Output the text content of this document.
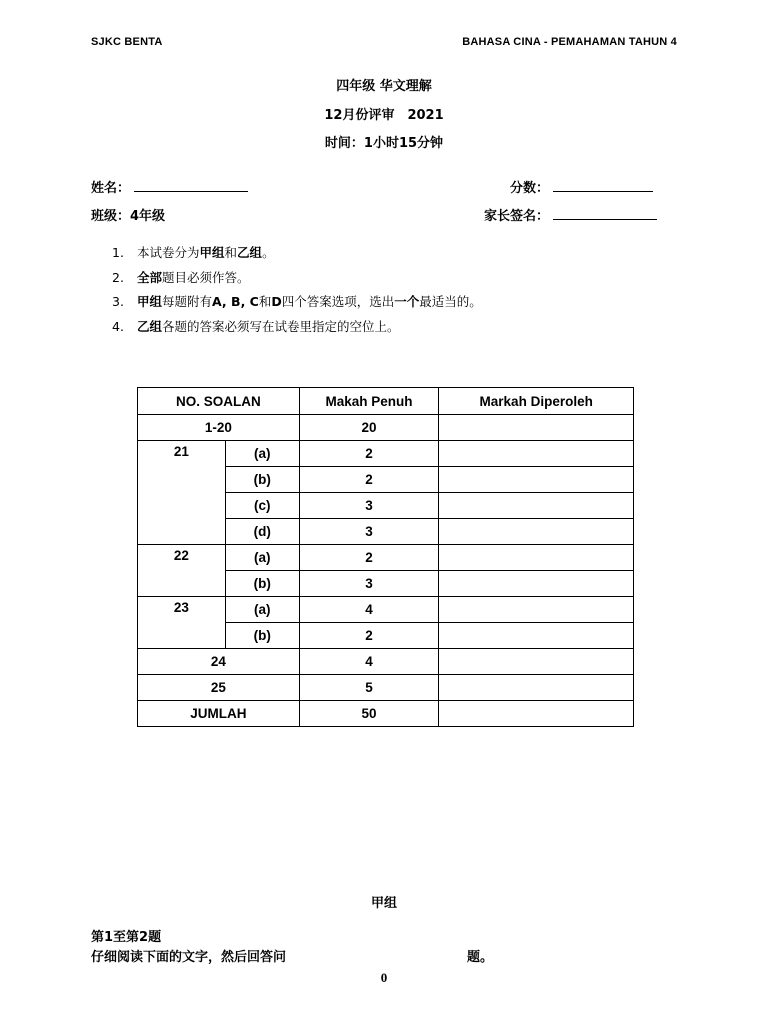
SJKC BENTA	BAHASA CINA - PEMAHAMAN TAHUN 4
四年级 华文理解
12月份评审　2021
时间：1小时15分钟
姓名：	分数：
班级：4年级	家长签名：
1. 本试卷分为甲组和乙组。
2. 全部题目必须作答。
3. 甲组每题附有A, B, C和D四个答案选项，选出一个最适当的。
4. 乙组各题的答案必须写在试卷里指定的空位上。
NO. SOALAN		Makah Penuh	Markah Diperoleh
1-20		20	
21	(a)	2	
	(b)	2	
	(c)	3	
	(d)	3	
22	(a)	2	
	(b)	3	
23	(a)	4	
	(b)	2	
24		4	
25		5	
JUMLAH		50	
甲组
第1至第2题
仔细阅读下面的文字，然后回答问	题。
0
